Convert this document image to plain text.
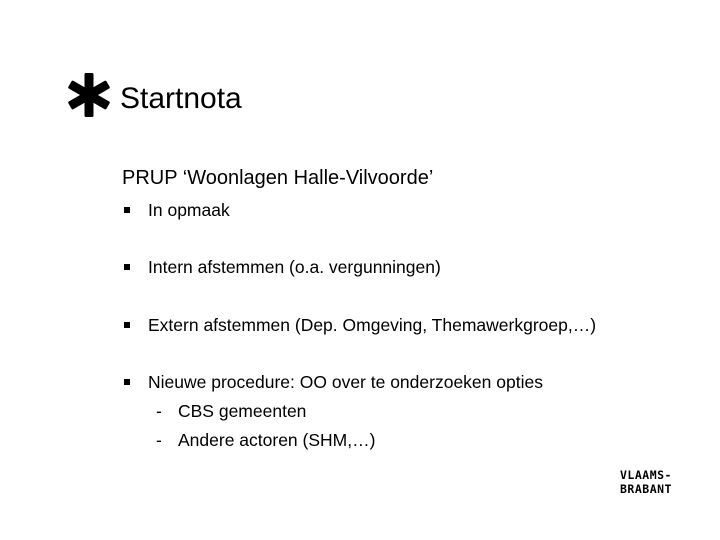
Startnota
PRUP ‘Woonlagen Halle-Vilvoorde’
In opmaak
Intern afstemmen (o.a. vergunningen)
Extern afstemmen (Dep. Omgeving, Themawerkgroep,…)
Nieuwe procedure: OO over te onderzoeken opties
- CBS gemeenten
- Andere actoren (SHM,…)
VLAAMS-
BRABANT
